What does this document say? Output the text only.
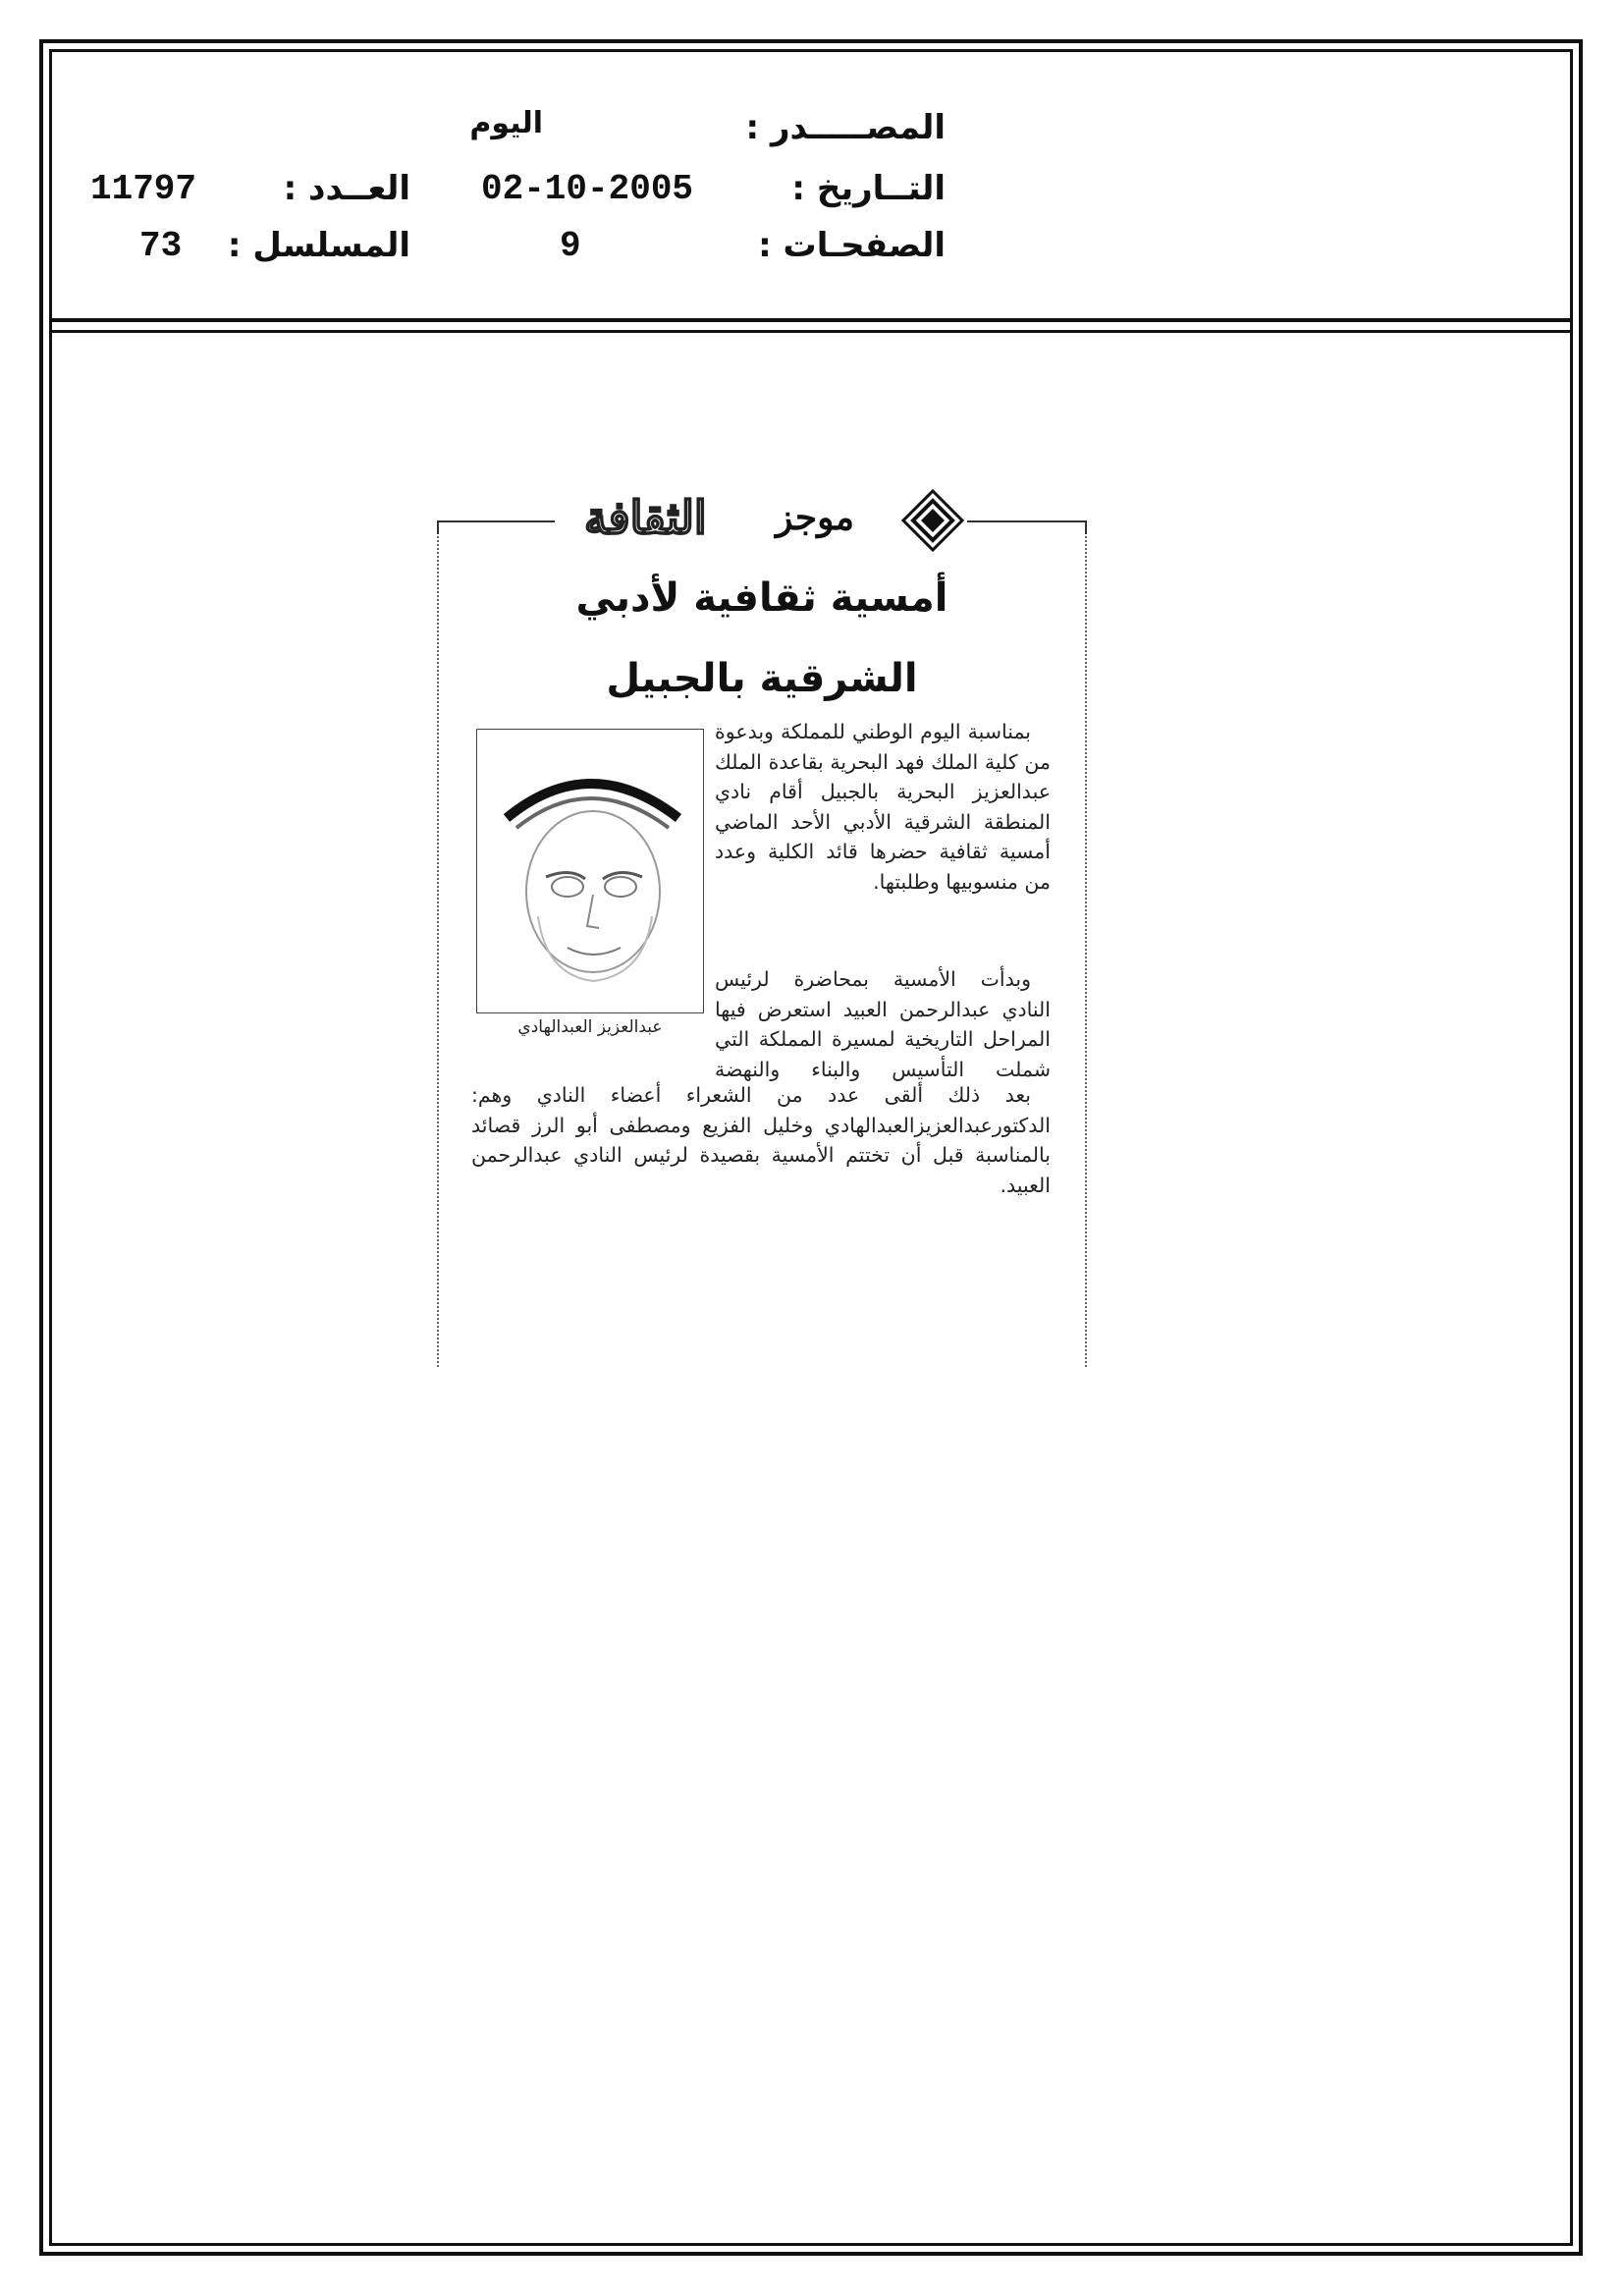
المصـــــدر :
اليوم
التــاريخ :
02-10-2005
العــدد :
11797
الصفحـات :
9
المسلسل :
73
الثقافة موجز
أمسية ثقافية لأدبي
الشرقية بالجبيل
عبدالعزيز العبدالهادي

بمناسبة اليوم الوطني للمملكة وبدعوة من كلية الملك فهد البحرية بقاعدة الملك عبدالعزيز البحرية بالجبيل أقام نادي المنطقة الشرقية الأدبي الأحد الماضي أمسية ثقافية حضرها قائد الكلية وعدد من منسوبيها وطلبتها.

وبدأت الأمسية بمحاضرة لرئيس النادي عبدالرحمن العبيد استعرض فيها المراحل التاريخية لمسيرة المملكة التي شملت التأسيس والبناء والنهضة

بعد ذلك ألقى عدد من الشعراء أعضاء النادي وهم: الدكتورعبدالعزيزالعبدالهادي وخليل الفزيع ومصطفى أبو الرز قصائد بالمناسبة قبل أن تختتم الأمسية بقصيدة لرئيس النادي عبدالرحمن العبيد.
